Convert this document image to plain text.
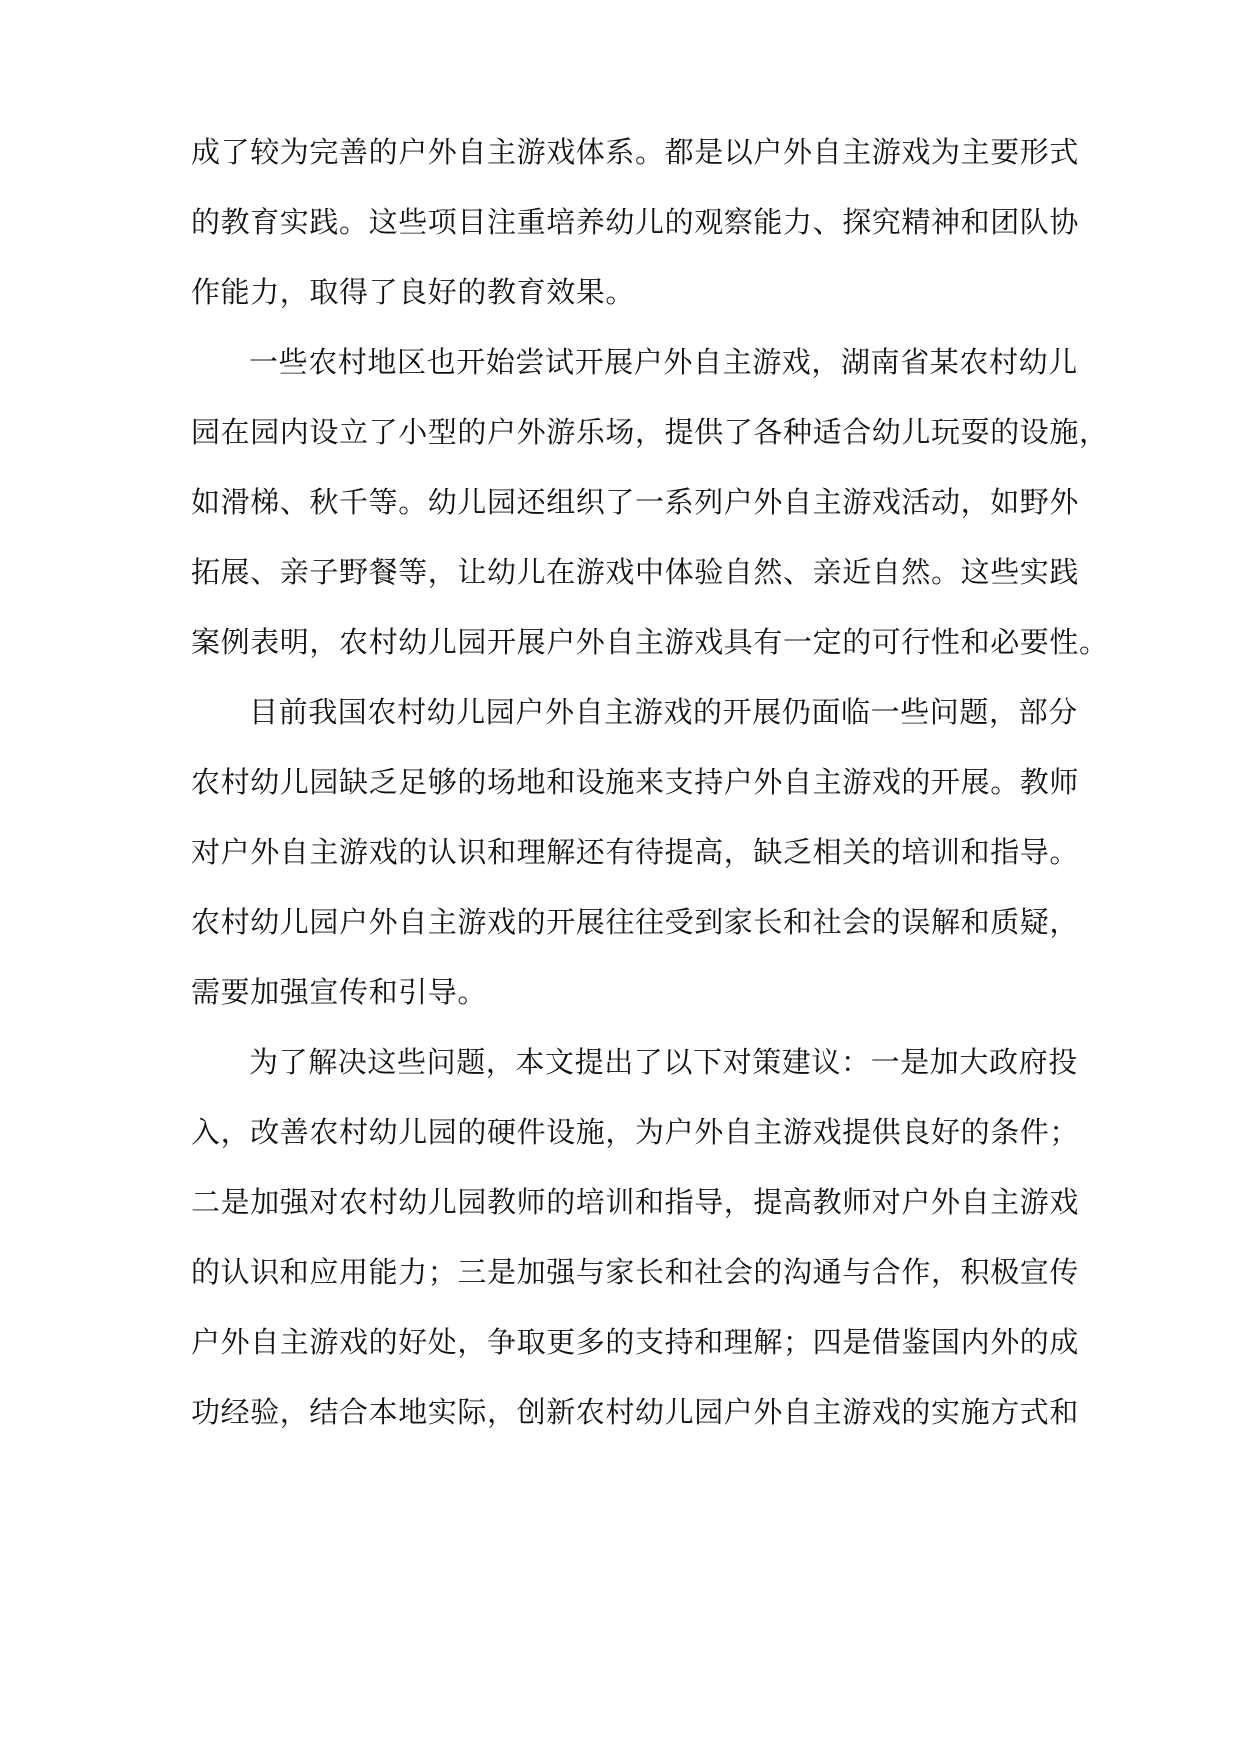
成了较为完善的户外自主游戏体系。都是以户外自主游戏为主要形式
的教育实践。这些项目注重培养幼儿的观察能力、探究精神和团队协
作能力，取得了良好的教育效果。
一些农村地区也开始尝试开展户外自主游戏，湖南省某农村幼儿
园在园内设立了小型的户外游乐场，提供了各种适合幼儿玩耍的设施，
如滑梯、秋千等。幼儿园还组织了一系列户外自主游戏活动，如野外
拓展、亲子野餐等，让幼儿在游戏中体验自然、亲近自然。这些实践
案例表明，农村幼儿园开展户外自主游戏具有一定的可行性和必要性。
目前我国农村幼儿园户外自主游戏的开展仍面临一些问题，部分
农村幼儿园缺乏足够的场地和设施来支持户外自主游戏的开展。教师
对户外自主游戏的认识和理解还有待提高，缺乏相关的培训和指导。
农村幼儿园户外自主游戏的开展往往受到家长和社会的误解和质疑，
需要加强宣传和引导。
为了解决这些问题，本文提出了以下对策建议：一是加大政府投
入，改善农村幼儿园的硬件设施，为户外自主游戏提供良好的条件；
二是加强对农村幼儿园教师的培训和指导，提高教师对户外自主游戏
的认识和应用能力；三是加强与家长和社会的沟通与合作，积极宣传
户外自主游戏的好处，争取更多的支持和理解；四是借鉴国内外的成
功经验，结合本地实际，创新农村幼儿园户外自主游戏的实施方式和
